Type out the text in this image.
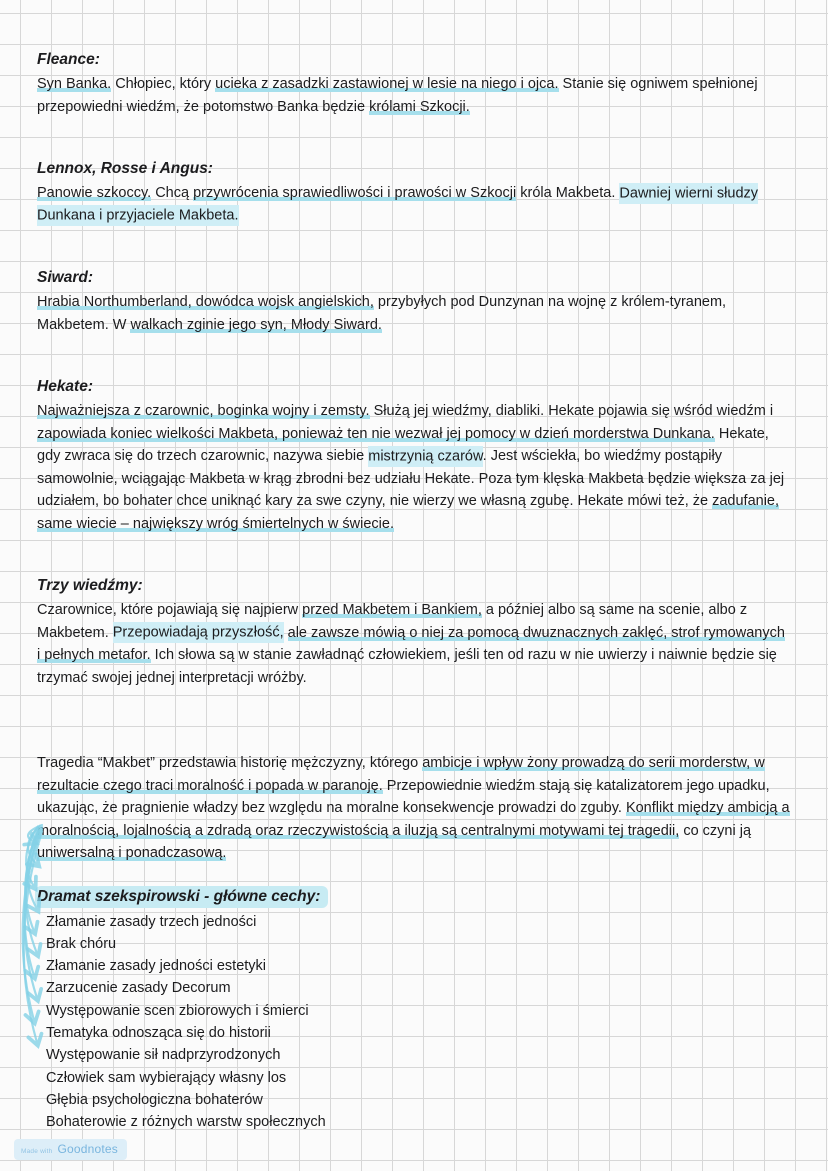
Fleance:

Syn Banka. Chłopiec, który ucieka z zasadzki zastawionej w lesie na niego i ojca. Stanie się ogniwem spełnionej przepowiedni wiedźm, że potomstwo Banka będzie królami Szkocji.

Lennox, Rosse i Angus:

Panowie szkoccy. Chcą przywrócenia sprawiedliwości i prawości w Szkocji króla Makbeta. Dawniej wierni słudzy Dunkana i przyjaciele Makbeta.

Siward:

Hrabia Northumberland, dowódca wojsk angielskich, przybyłych pod Dunzynan na wojnę z królem-tyranem, Makbetem. W walkach zginie jego syn, Młody Siward.

Hekate:

Najważniejsza z czarownic, boginka wojny i zemsty. Służą jej wiedźmy, diabliki. Hekate pojawia się wśród wiedźm i zapowiada koniec wielkości Makbeta, ponieważ ten nie wezwał jej pomocy w dzień morderstwa Dunkana. Hekate, gdy zwraca się do trzech czarownic, nazywa siebie mistrzynią czarów. Jest wściekła, bo wiedźmy postąpiły samowolnie, wciągając Makbeta w krąg zbrodni bez udziału Hekate. Poza tym klęska Makbeta będzie większa za jej udziałem, bo bohater chce uniknąć kary za swe czyny, nie wierzy we własną zgubę. Hekate mówi też, że zadufanie, same wiecie – największy wróg śmiertelnych w świecie.

Trzy wiedźmy:

Czarownice, które pojawiają się najpierw przed Makbetem i Bankiem, a później albo są same na scenie, albo z Makbetem. Przepowiadają przyszłość, ale zawsze mówią o niej za pomocą dwuznacznych zaklęć, strof rymowanych i pełnych metafor. Ich słowa są w stanie zawładnąć człowiekiem, jeśli ten od razu w nie uwierzy i naiwnie będzie się trzymać swojej jednej interpretacji wróżby.

Tragedia “Makbet” przedstawia historię mężczyzny, którego ambicje i wpływ żony prowadzą do serii morderstw, w rezultacie czego traci moralność i popada w paranoję. Przepowiednie wiedźm stają się katalizatorem jego upadku, ukazując, że pragnienie władzy bez względu na moralne konsekwencje prowadzi do zguby. Konflikt między ambicją a moralnością, lojalnością a zdradą oraz rzeczywistością a iluzją są centralnymi motywami tej tragedii, co czyni ją uniwersalną i ponadczasową.

Dramat szekspirowski - główne cechy:
Złamanie zasady trzech jedności
Brak chóru
Złamanie zasady jedności estetyki
Zarzucenie zasady Decorum
Występowanie scen zbiorowych i śmierci
Tematyka odnosząca się do historii
Występowanie sił nadprzyrodzonych
Człowiek sam wybierający własny los
Głębia psychologiczna bohaterów
Bohaterowie z różnych warstw społecznych
Made with Goodnotes
